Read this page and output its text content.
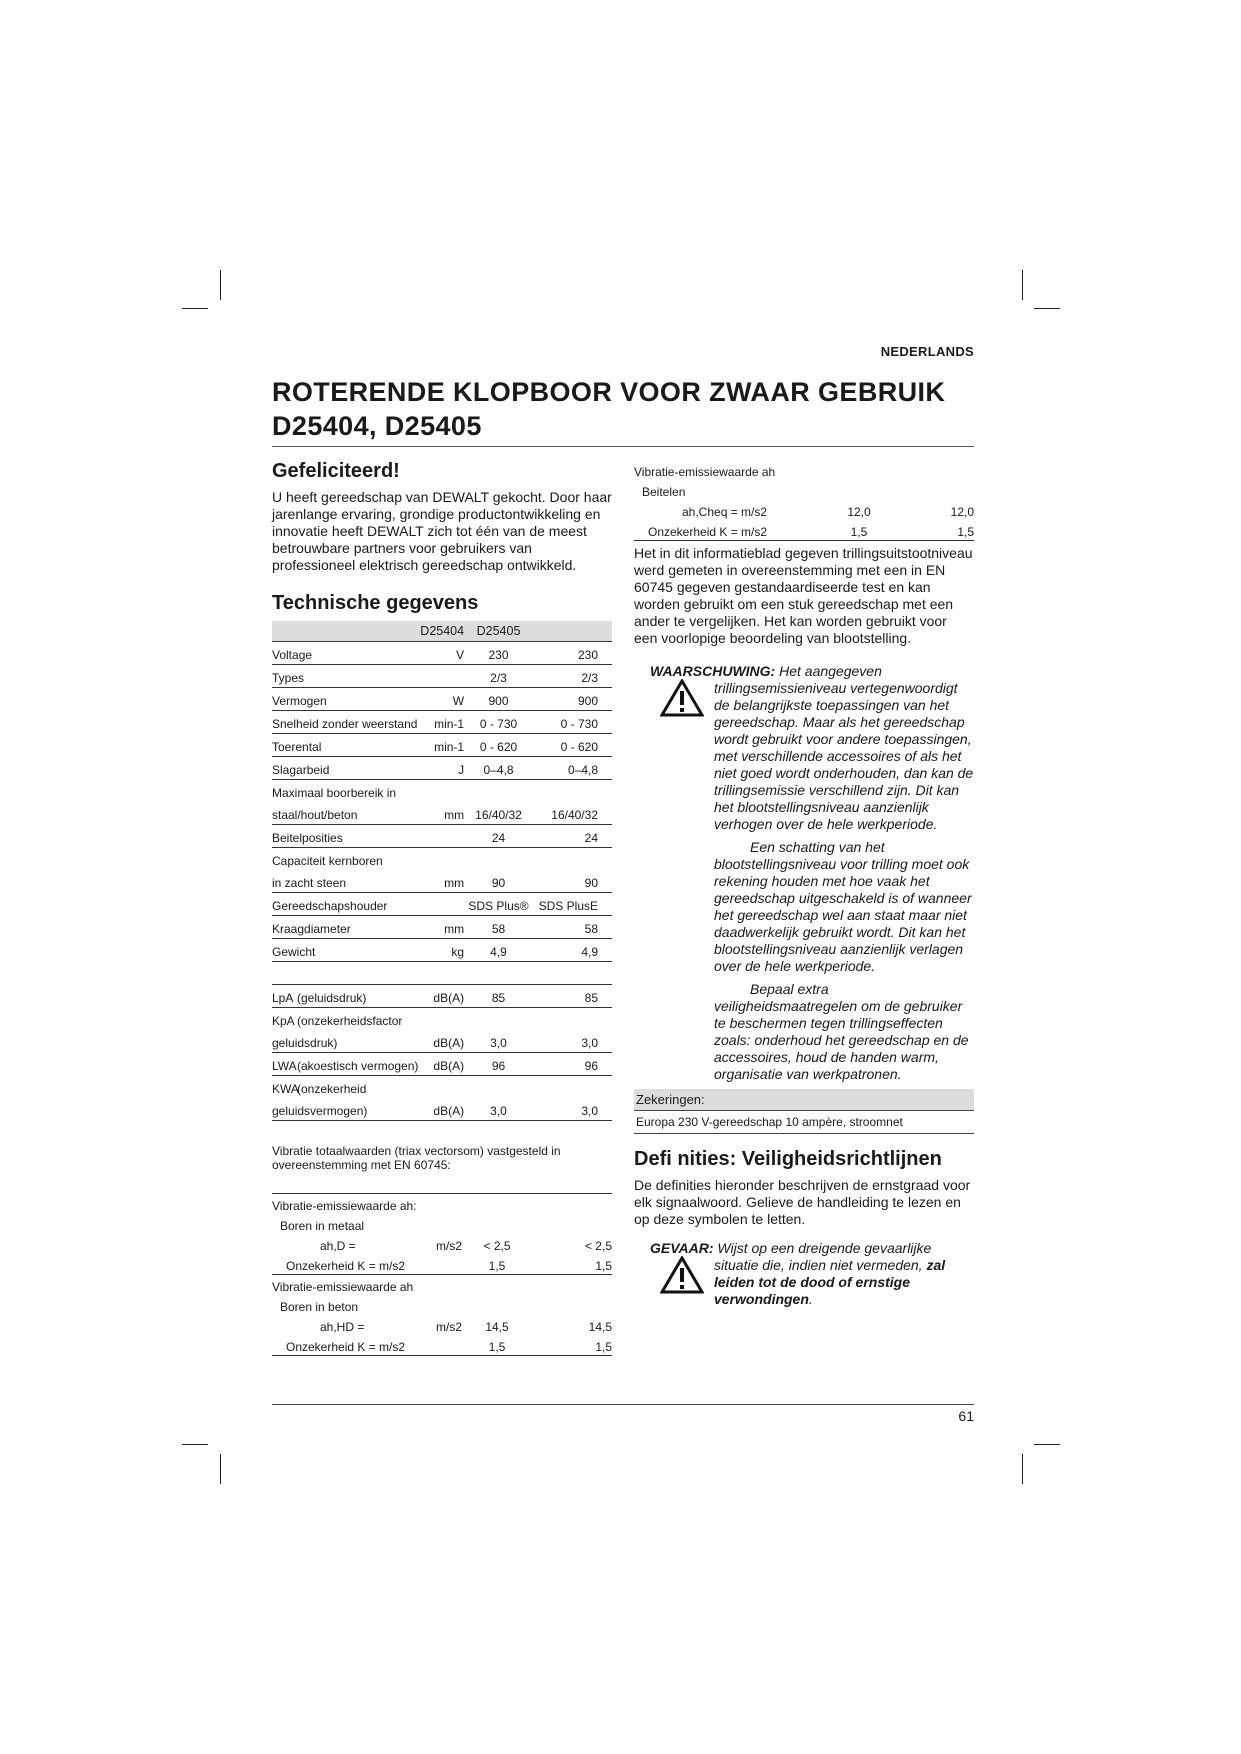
NEDERLANDS
ROTERENDE KLOPBOOR VOOR ZWAAR GEBRUIK
D25404, D25405
Gefeliciteerd!

U heeft gereedschap van DEWALT gekocht. Door haar jarenlange ervaring, grondige productontwikkeling en innovatie heeft DEWALT zich tot één van de meest betrouwbare partners voor gebruikers van professioneel elektrisch gereedschap ontwikkeld.

Technische gegevens
	D25404	D25405	
Voltage	V	230	230
Types		2/3	2/3
Vermogen	W	900	900
Snelheid zonder weerstand	min-1	0 - 730	0 - 730
Toerental	min-1	0 - 620	0 - 620
Slagarbeid	J	0–4,8	0–4,8
Maximaal boorbereik in			
staal/hout/beton	mm	16/40/32	16/40/32
Beitelposities		24	24
Capaciteit kernboren			
in zacht steen	mm	90	90
Gereedschapshouder		SDS Plus®	SDS PlusE
Kraagdiameter	mm	58	58
Gewicht	kg	4,9	4,9

LpA (geluidsdruk)	dB(A)	85	85
KpA (onzekerheidsfactor			
geluidsdruk)	dB(A)	3,0	3,0
LWA(akoestisch vermogen)	dB(A)	96	96
KWA(onzekerheid			
geluidsvermogen)	dB(A)	3,0	3,0
Vibratie totaalwaarden (triax vectorsom) vastgesteld in overeenstemming met EN 60745:			

Vibratie-emissiewaarde ah:			
Boren in metaal			
ah,D =	m/s2	< 2,5	< 2,5
Onzekerheid K = m/s2		1,5	1,5
Vibratie-emissiewaarde ah			
Boren in beton			
ah,HD =	m/s2	14,5	14,5
Onzekerheid K = m/s2		1,5	1,5
Vibratie-emissiewaarde ah			
Beitelen			
ah,Cheq = m/s2		12,0	12,0
Onzekerheid K = m/s2		1,5	1,5

Het in dit informatieblad gegeven trillingsuitstootniveau werd gemeten in overeenstemming met een in EN 60745 gegeven gestandaardiseerde test en kan worden gebruikt om een stuk gereedschap met een ander te vergelijken. Het kan worden gebruikt voor een voorlopige beoordeling van blootstelling.

WAARSCHUWING: Het aangegeven trillingsemissieniveau vertegenwoordigt de belangrijkste toepassingen van het gereedschap. Maar als het gereedschap wordt gebruikt voor andere toepassingen, met verschillende accessoires of als het niet goed wordt onderhouden, dan kan de trillingsemissie verschillend zijn. Dit kan het blootstellingsniveau aanzienlijk verhogen over de hele werkperiode.
Een schatting van het blootstellingsniveau voor trilling moet ook rekening houden met hoe vaak het gereedschap uitgeschakeld is of wanneer het gereedschap wel aan staat maar niet daadwerkelijk gebruikt wordt. Dit kan het blootstellingsniveau aanzienlijk verlagen over de hele werkperiode.
Bepaal extra veiligheidsmaatregelen om de gebruiker te beschermen tegen trillingseffecten zoals: onderhoud het gereedschap en de accessoires, houd de handen warm, organisatie van werkpatronen.
Zekeringen:
Europa 230 V-gereedschap 10 ampère, stroomnet
Defi nities: Veiligheidsrichtlijnen

De definities hieronder beschrijven de ernstgraad voor elk signaalwoord. Gelieve de handleiding te lezen en op deze symbolen te letten.

GEVAAR: Wijst op een dreigende gevaarlijke situatie die, indien niet vermeden, zal leiden tot de dood of ernstige verwondingen.
61
